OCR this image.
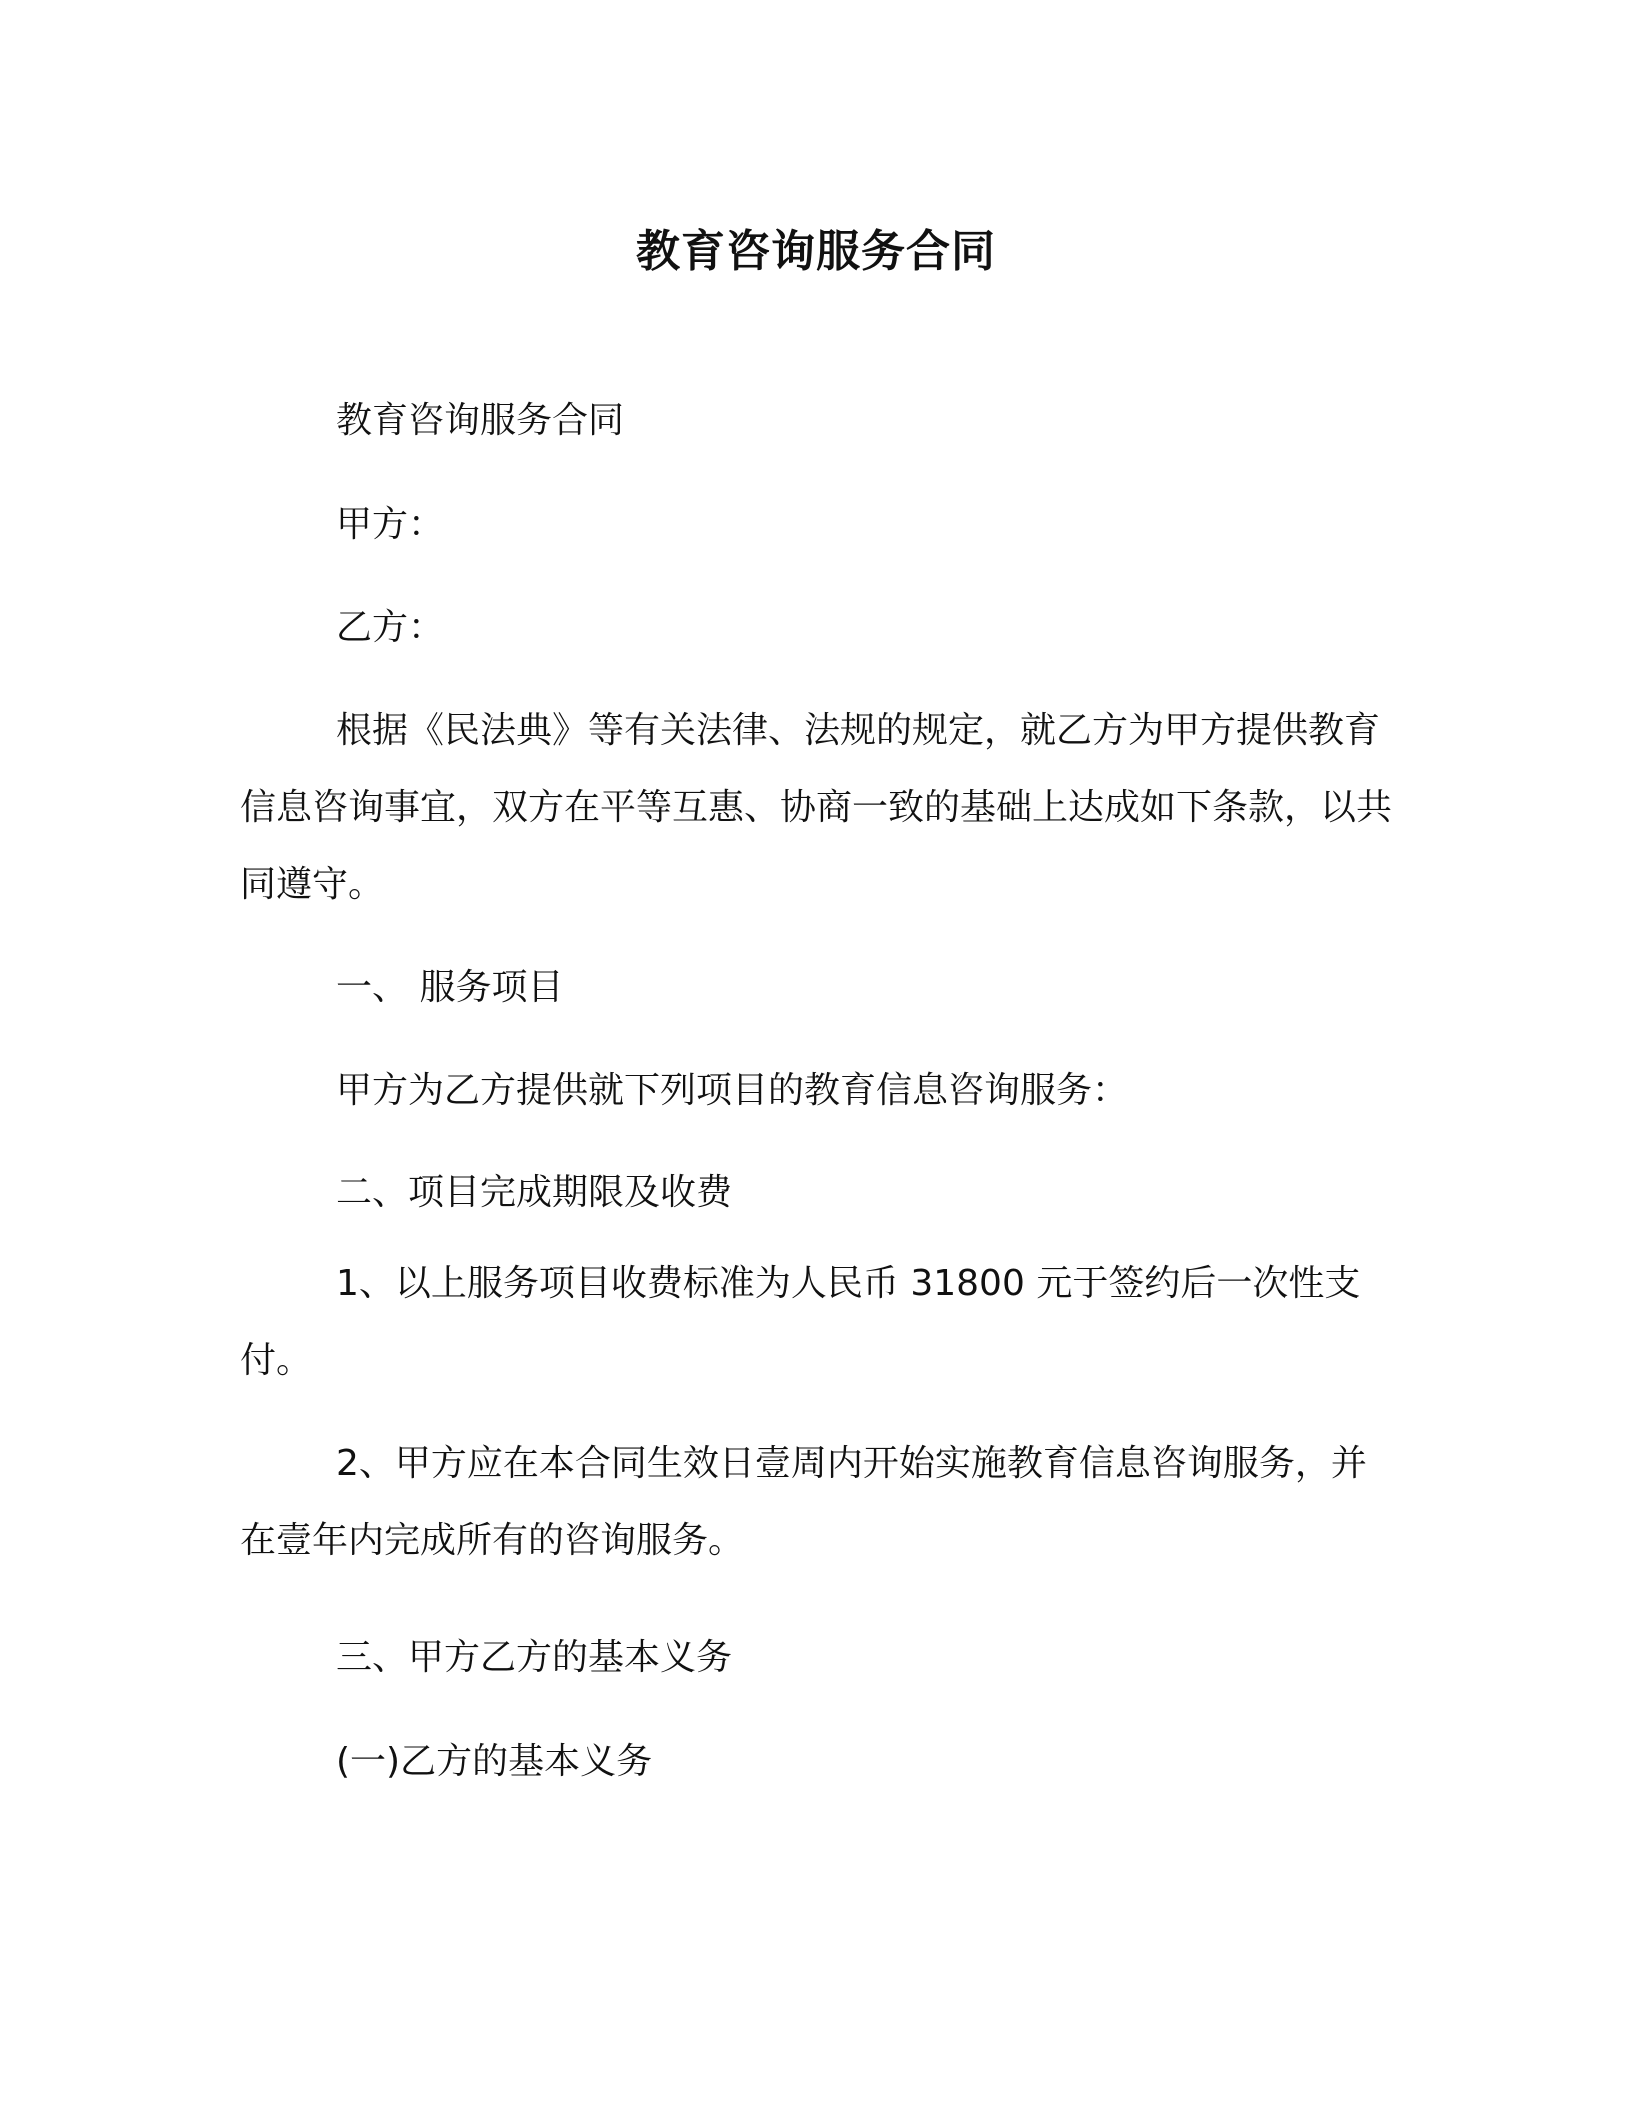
教育咨询服务合同

教育咨询服务合同

甲方：

乙方：

根据《民法典》等有关法律、法规的规定，就乙方为甲方提供教育信息咨询事宜，双方在平等互惠、协商一致的基础上达成如下条款，以共同遵守。

一、 服务项目

甲方为乙方提供就下列项目的教育信息咨询服务：

二、项目完成期限及收费

1、以上服务项目收费标准为人民币 31800 元于签约后一次性支付。

2、甲方应在本合同生效日壹周内开始实施教育信息咨询服务，并在壹年内完成所有的咨询服务。

三、甲方乙方的基本义务

(一)乙方的基本义务
